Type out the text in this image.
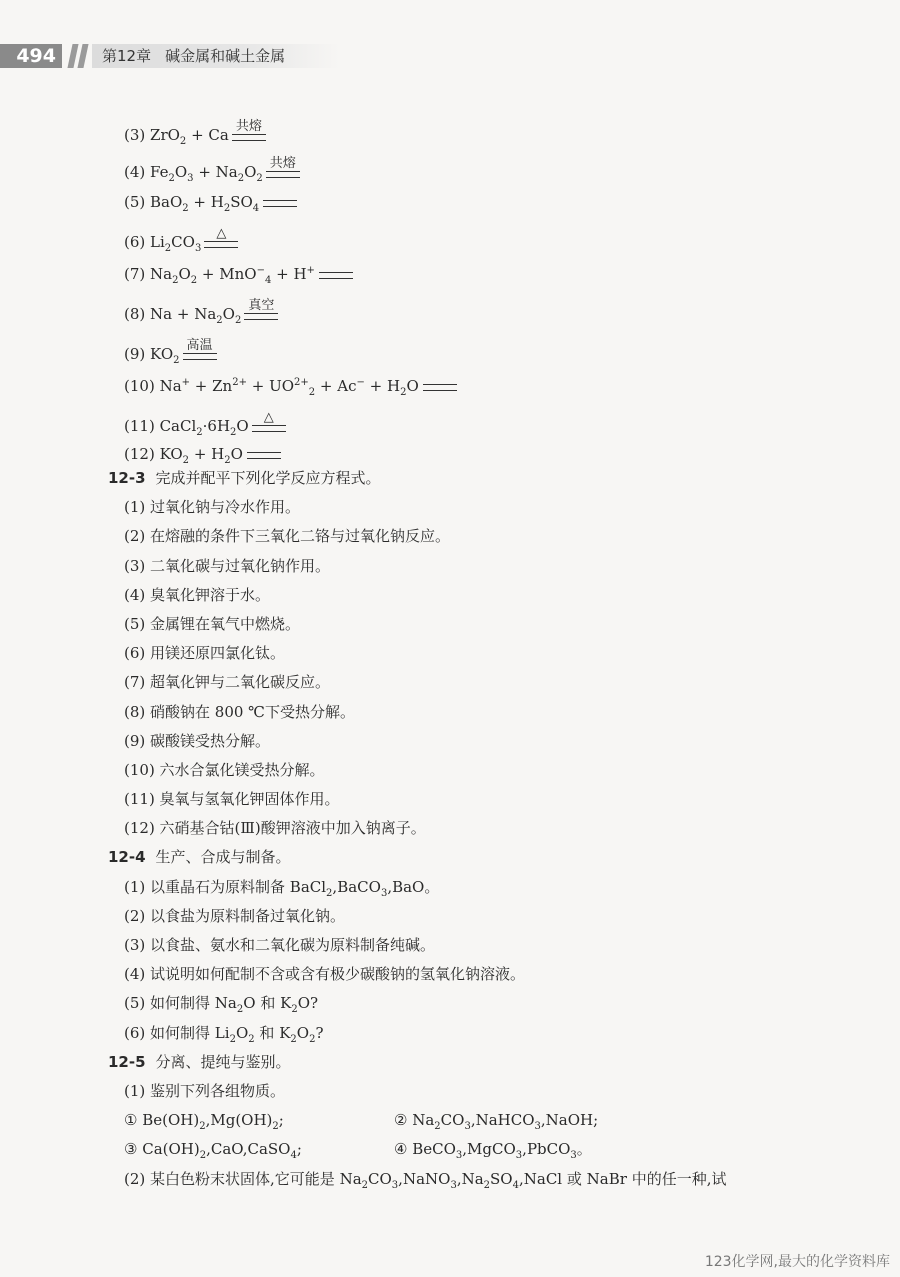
494	第12章 碱金属和碱土金属
(3) ZrO$_2$ + Ca 共熔
(4) $Fe_2O_3 + Na_2O_2$
共熔
(5) $BaO_2 + H_2SO_4$
(6) $Li_2CO_3$
△
(7) $Na_2O_2 + MnO^-_4 + H^+$
(8) $Na + Na_2O_2$
真空
(9) $KO_2$
高温
(10) $Na^+ + Zn^{2+} + UO^{2+}_2 + Ac^- + H_2O$
(11) $CaCl_2\cdot 6H_2O$ △
(12) $KO_2 + H_2O$
12-3 完成并配平下列化学反应方程式。
(1) 过氧化钠与冷水作用。
(2) 在熔融的条件下三氧化二铬与过氧化钠反应。
(3) 二氧化碳与过氧化钠作用。
(4) 臭氧化钾溶于水。
(5) 金属锂在氧气中燃烧。
(6) 用镁还原四氯化钛。
(7) 超氧化钾与二氧化碳反应。
(8) 硝酸钠在 800 ℃下受热分解。
(9) 碳酸镁受热分解。
(10) 六水合氯化镁受热分解。
(11) 臭氧与氢氧化钾固体作用。
(12) 六硝基合钴(Ⅲ)酸钾溶液中加入钠离子。
12-4 生产、合成与制备。
(1) 以重晶石为原料制备 BaCl$_2$,BaCO$_3$,BaO。
(2) 以食盐为原料制备过氧化钠。
(3) 以食盐、氨水和二氧化碳为原料制备纯碱。
(4) 试说明如何配制不含或含有极少碳酸钠的氢氧化钠溶液。
(5) 如何制得 $Na_2O$ 和 $K_2O$?
(6) 如何制得 $Li_2O_2$ 和 $K_2O_2$?
12-5 分离、提纯与鉴别。
(1) 鉴别下列各组物质。
① $Be(OH)_2,Mg(OH)_2$;	② $Na_2CO_3,NaHCO_3,NaOH$;
③ $Ca(OH)_2,CaO,CaSO_4$;	④ BeCO$_3$,MgCO$_3$,PbCO$_3$。
(2) 某白色粉末状固体,它可能是 $Na_2CO_3,NaNO_3,Na_2SO_4,NaCl$ 或 NaBr 中的任一种,试
123化学网,最大的化学资料库
